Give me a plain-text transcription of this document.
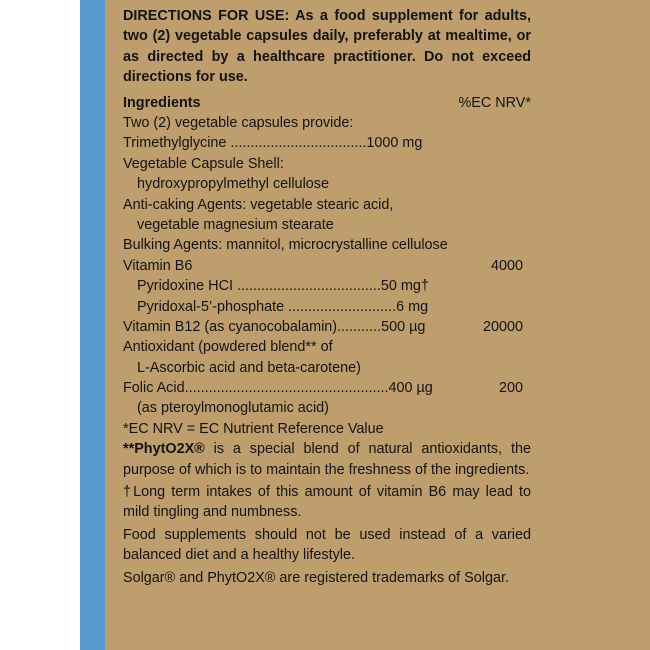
DIRECTIONS FOR USE: As a food supplement for adults, two (2) vegetable capsules daily, preferably at mealtime, or as directed by a healthcare practitioner. Do not exceed directions for use.

Ingredients	%EC NRV*
Two (2) vegetable capsules provide:
Trimethylglycine ..................................1000 mg
Vegetable Capsule Shell:
hydroxypropylmethyl cellulose
Anti-caking Agents: vegetable stearic acid,
vegetable magnesium stearate
Bulking Agents: mannitol, microcrystalline cellulose
Vitamin B6	4000
Pyridoxine HCI ....................................50 mg†
Pyridoxal-5’-phosphate ...........................6 mg
Vitamin B12 (as cyanocobalamin)...........500 µg	20000
Antioxidant (powdered blend** of
L-Ascorbic acid and beta-carotene)
Folic Acid...................................................400 µg	200
(as pteroylmonoglutamic acid)
*EC NRV = EC Nutrient Reference Value

**PhytO2X® is a special blend of natural antioxidants, the purpose of which is to maintain the freshness of the ingredients.

†Long term intakes of this amount of vitamin B6 may lead to mild tingling and numbness.

Food supplements should not be used instead of a varied balanced diet and a healthy lifestyle.

Solgar® and PhytO2X® are registered trademarks of Solgar.
